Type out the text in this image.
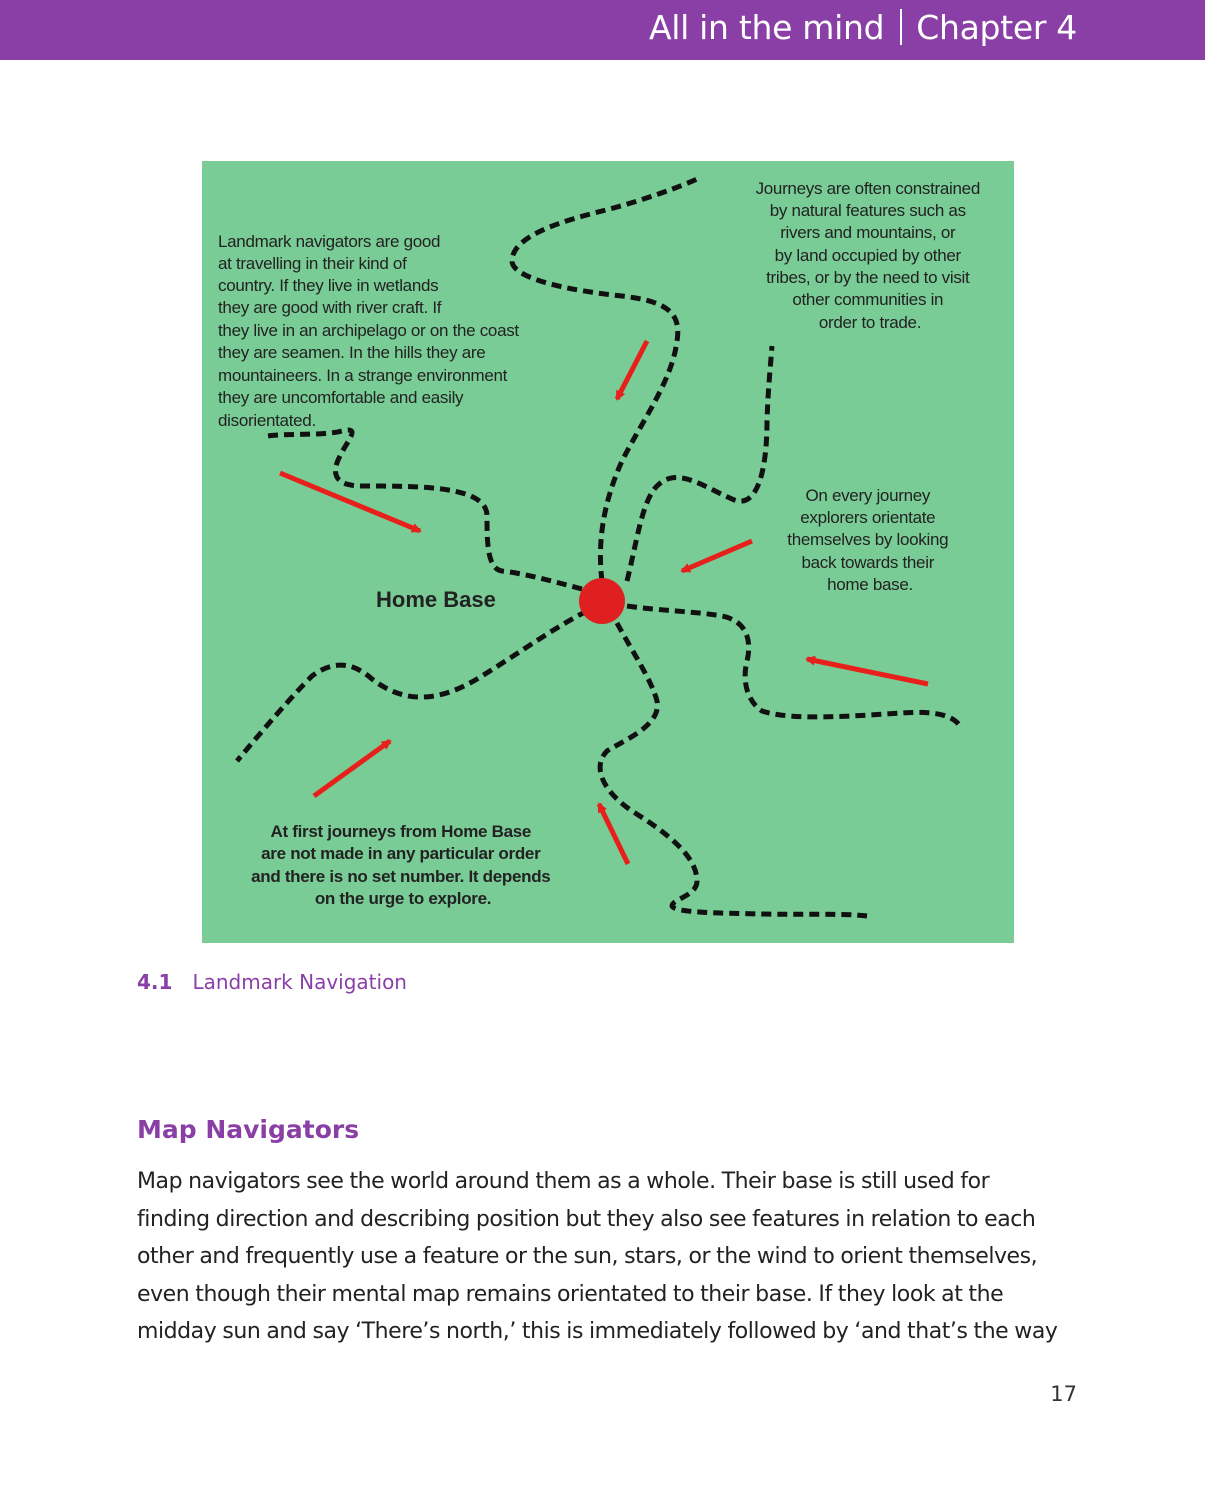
All in the mind Chapter 4
Landmark navigators are good at travelling in their kind of country. If they live in wetlands they are good with river craft. If they live in an archipelago or on the coast they are seamen. In the hills they are mountaineers. In a strange environment they are uncomfortable and easily disorientated.
Journeys are often constrained by natural features such as rivers and mountains, or by land occupied by other tribes, or by the need to visit other communities in order to trade.
On every journey explorers orientate themselves by looking back towards their home base.
At first journeys from Home Base are not made in any particular order and there is no set number. It depends on the urge to explore.
Home Base
4.1 Landmark Navigation
Map Navigators
Map navigators see the world around them as a whole. Their base is still used for
finding direction and describing position but they also see features in relation to each
other and frequently use a feature or the sun, stars, or the wind to orient themselves,
even though their mental map remains orientated to their base. If they look at the
midday sun and say ‘There’s north,’ this is immediately followed by ‘and that’s the way
17
